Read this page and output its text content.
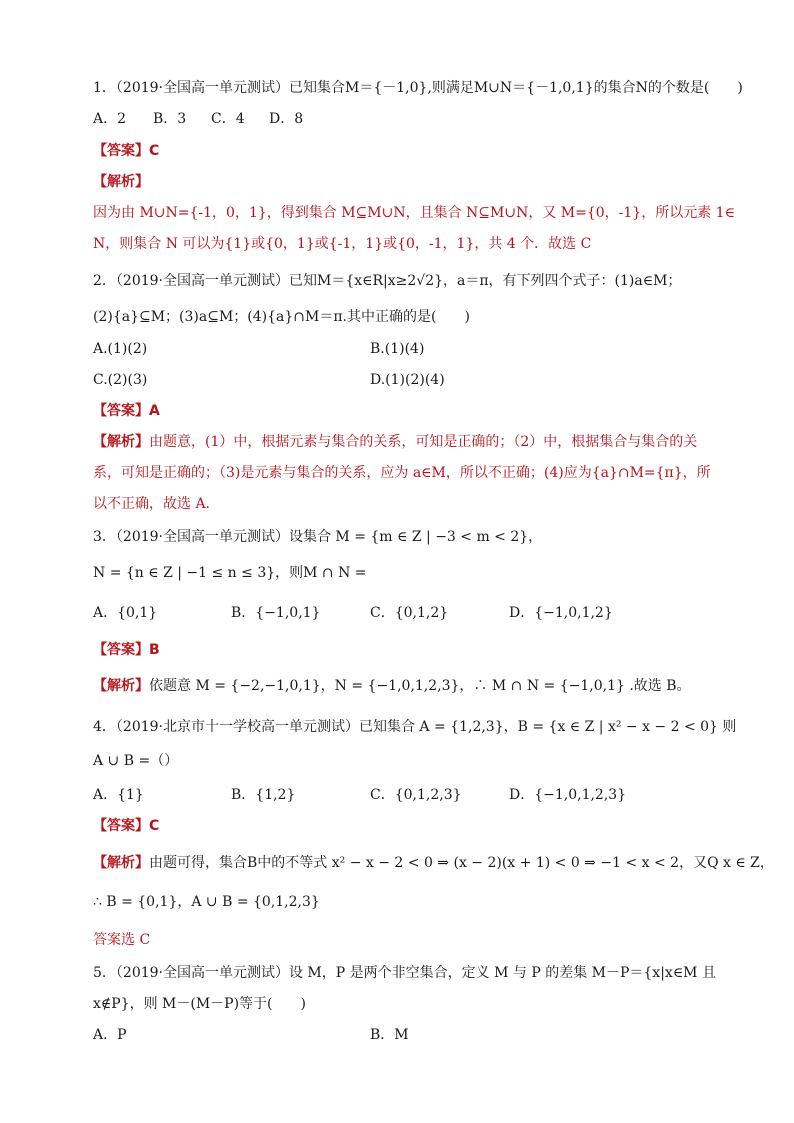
1．（2019·全国高一单元测试）已知集合M＝{－1,0},则满足M∪N＝{－1,0,1}的集合N的个数是(　　)
A．2 B．3 C．4 D．8
【答案】C
【解析】
因为由 M∪N={-1，0，1}，得到集合 M⊆M∪N，且集合 N⊆M∪N，又 M={0，-1}，所以元素 1∈
N，则集合 N 可以为{1}或{0，1}或{-1，1}或{0，-1，1}，共 4 个．故选 C
2．（2019·全国高一单元测试）已知M＝{x∈R|x≥2√2}，a＝π，有下列四个式子：(1)a∈M；
(2){a}⊆M；(3)a⊆M；(4){a}∩M＝π.其中正确的是(　　)
A.(1)(2)	B.(1)(4)
C.(2)(3)	D.(1)(2)(4)
【答案】A
【解析】由题意，(1）中，根据元素与集合的关系，可知是正确的；（2）中，根据集合与集合的关
系，可知是正确的；（3)是元素与集合的关系，应为 a∈M，所以不正确；(4)应为{a}∩M={π}，所
以不正确，故选 A．
3．（2019·全国高一单元测试）设集合 M = {m ∈ Z | −3 < m < 2}，
N = {n ∈ Z | −1 ≤ n ≤ 3}，则M ∩ N =
A．{0,1}	B．{−1,0,1}	C．{0,1,2}	D．{−1,0,1,2}
【答案】B
【解析】依题意 M = {−2,−1,0,1}，N = {−1,0,1,2,3}，∴ M ∩ N = {−1,0,1} .故选 B。
4．（2019·北京市十一学校高一单元测试）已知集合 A = {1,2,3}，B = {x ∈ Z | x² − x − 2 < 0} 则
A ∪ B =（）
A．{1}	B．{1,2}	C．{0,1,2,3}	D．{−1,0,1,2,3}
【答案】C
【解析】由题可得，集合B中的不等式 x² − x − 2 < 0 ⇒ (x − 2)(x + 1) < 0 ⇒ −1 < x < 2，又Q x ∈ Z，
∴ B = {0,1}，A ∪ B = {0,1,2,3}
答案选 C
5．（2019·全国高一单元测试）设 M，P 是两个非空集合，定义 M 与 P 的差集 M－P＝{x|x∈M 且
x∉P}，则 M－(M－P)等于(　　)
A．P	B．M
